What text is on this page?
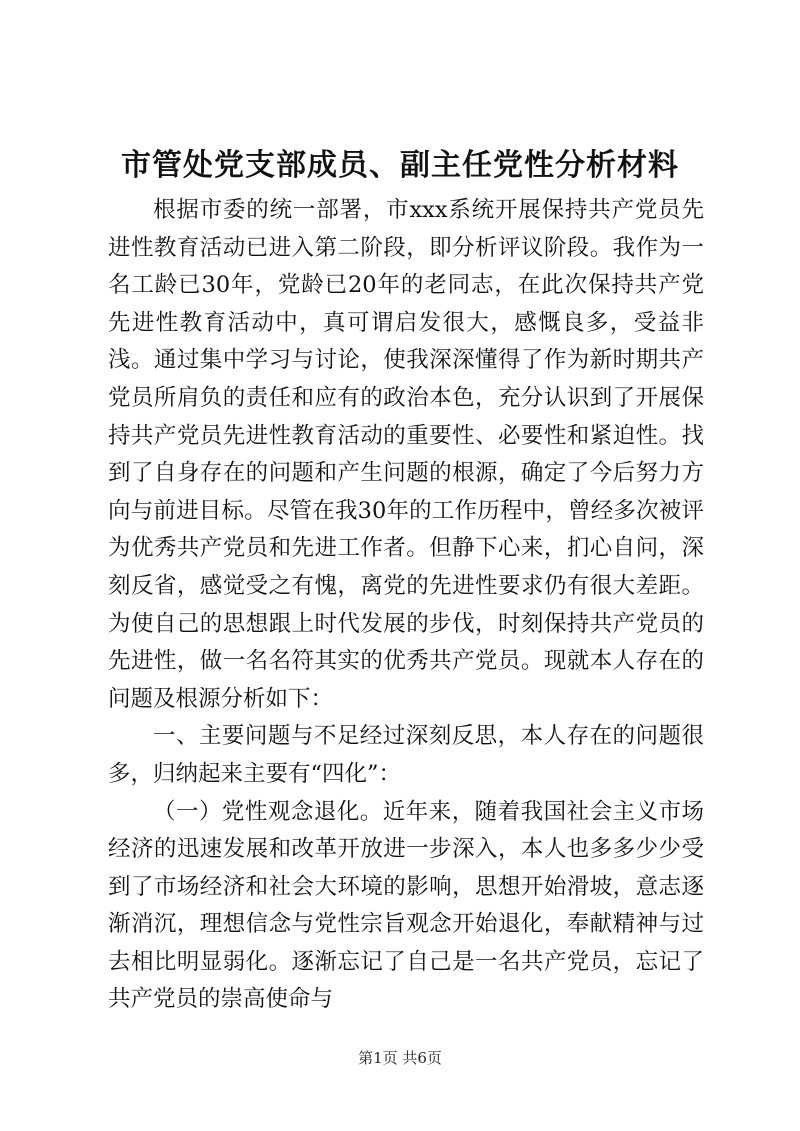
市管处党支部成员、副主任党性分析材料

根据市委的统一部署，市xxx系统开展保持共产党员先进性教育活动已进入第二阶段，即分析评议阶段。我作为一名工龄已30年，党龄已20年的老同志，在此次保持共产党先进性教育活动中，真可谓启发很大，感慨良多，受益非浅。通过集中学习与讨论，使我深深懂得了作为新时期共产党员所肩负的责任和应有的政治本色，充分认识到了开展保持共产党员先进性教育活动的重要性、必要性和紧迫性。找到了自身存在的问题和产生问题的根源，确定了今后努力方向与前进目标。尽管在我30年的工作历程中，曾经多次被评为优秀共产党员和先进工作者。但静下心来，扪心自问，深刻反省，感觉受之有愧，离党的先进性要求仍有很大差距。为使自己的思想跟上时代发展的步伐，时刻保持共产党员的先进性，做一名名符其实的优秀共产党员。现就本人存在的问题及根源分析如下：

一、主要问题与不足经过深刻反思，本人存在的问题很多，归纳起来主要有“四化”：

（一）党性观念退化。近年来，随着我国社会主义市场经济的迅速发展和改革开放进一步深入，本人也多多少少受到了市场经济和社会大环境的影响，思想开始滑坡，意志逐渐消沉，理想信念与党性宗旨观念开始退化，奉献精神与过去相比明显弱化。逐渐忘记了自己是一名共产党员，忘记了共产党员的崇高使命与

第1页 共6页
